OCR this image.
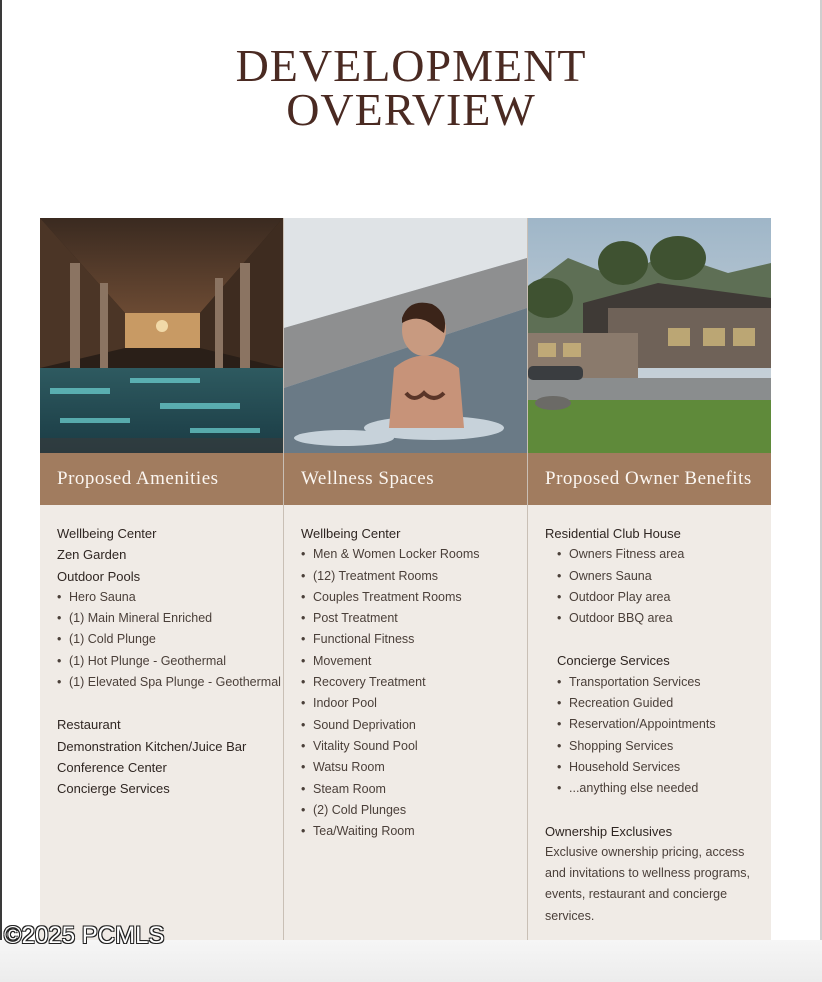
DEVELOPMENT
OVERVIEW
Proposed Amenities
Wellbeing Center
Zen Garden
Outdoor Pools
• Hero Sauna
• (1) Main Mineral Enriched
• (1) Cold Plunge
• (1) Hot Plunge - Geothermal
• (1) Elevated Spa Plunge - Geothermal
Restaurant
Demonstration Kitchen/Juice Bar
Conference Center
Concierge Services
Wellness Spaces
Wellbeing Center
• Men & Women Locker Rooms
• (12) Treatment Rooms
• Couples Treatment Rooms
• Post Treatment
• Functional Fitness
• Movement
• Recovery Treatment
• Indoor Pool
• Sound Deprivation
• Vitality Sound Pool
• Watsu Room
• Steam Room
• (2) Cold Plunges
• Tea/Waiting Room
Proposed Owner Benefits
Residential Club House
• Owners Fitness area
• Owners Sauna
• Outdoor Play area
• Outdoor BBQ area
Concierge Services
• Transportation Services
• Recreation Guided
• Reservation/Appointments
• Shopping Services
• Household Services
• ...anything else needed
Ownership Exclusives
Exclusive ownership pricing, access and invitations to wellness programs, events, restaurant and concierge services.
©2025 PCMLS
